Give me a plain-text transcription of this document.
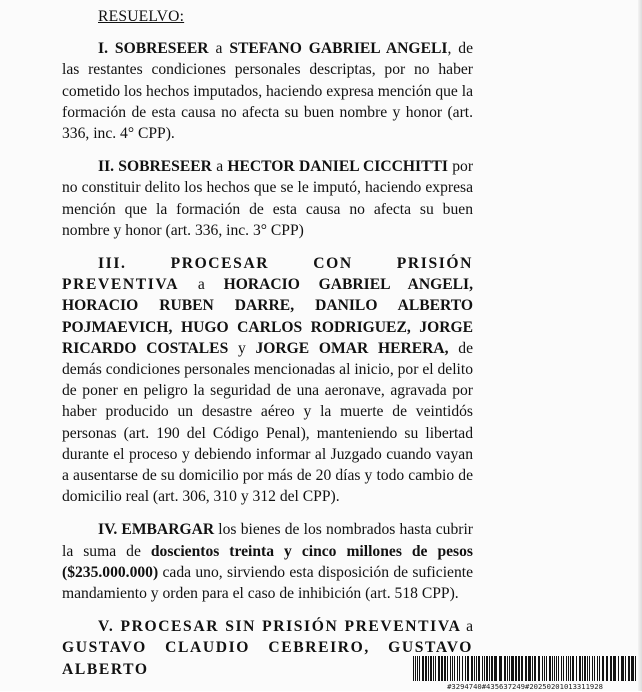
RESUELVO:

I. SOBRESEER a STEFANO GABRIEL ANGELI, de las restantes condiciones personales descriptas, por no haber cometido los hechos imputados, haciendo expresa mención que la formación de esta causa no afecta su buen nombre y honor (art. 336, inc. 4° CPP).

II. SOBRESEER a HECTOR DANIEL CICCHITTI por no constituir delito los hechos que se le imputó, haciendo expresa mención que la formación de esta causa no afecta su buen nombre y honor (art. 336, inc. 3° CPP)

III. PROCESAR CON PRISIÓN PREVENTIVA a HORACIO GABRIEL ANGELI, HORACIO RUBEN DARRE, DANILO ALBERTO POJMAEVICH, HUGO CARLOS RODRIGUEZ, JORGE RICARDO COSTALES y JORGE OMAR HERERA, de demás condiciones personales mencionadas al inicio, por el delito de poner en peligro la seguridad de una aeronave, agravada por haber producido un desastre aéreo y la muerte de veintidós personas (art. 190 del Código Penal), manteniendo su libertad durante el proceso y debiendo informar al Juzgado cuando vayan a ausentarse de su domicilio por más de 20 días y todo cambio de domicilio real (art. 306, 310 y 312 del CPP).

IV. EMBARGAR los bienes de los nombrados hasta cubrir la suma de doscientos treinta y cinco millones de pesos ($235.000.000) cada uno, sirviendo esta disposición de suficiente mandamiento y orden para el caso de inhibición (art. 518 CPP).

V. PROCESAR SIN PRISIÓN PREVENTIVA a GUSTAVO CLAUDIO CEBREIRO, GUSTAVO ALBERTO

#3294740#435637249#20250201013311928
